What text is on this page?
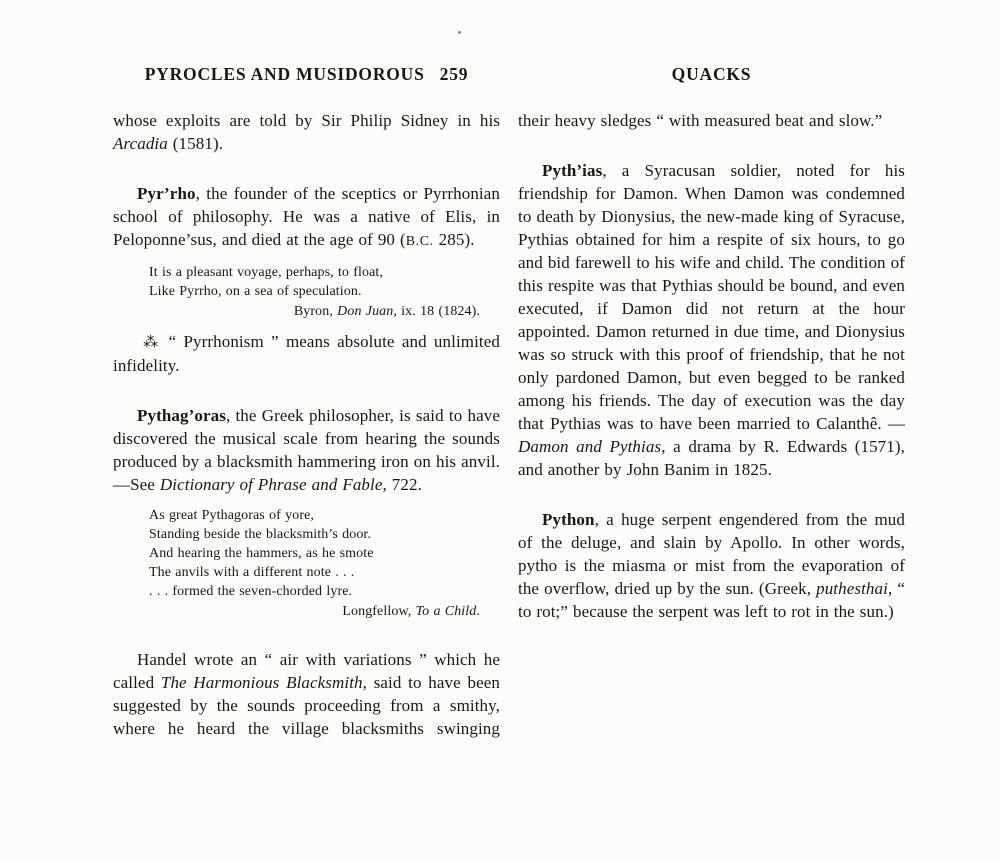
PYROCLES AND MUSIDOROUS 259	QUACKS

whose exploits are told by Sir Philip Sidney in his Arcadia (1581).

Pyr’rho, the founder of the sceptics or Pyrrhonian school of philosophy. He was a native of Elis, in Peloponne’sus, and died at the age of 90 (B.C. 285).

It is a pleasant voyage, perhaps, to float,
Like Pyrrho, on a sea of speculation.
Byron, Don Juan, ix. 18 (1824).

⁂ “ Pyrrhonism ” means absolute and unlimited infidelity.

Pythag’oras, the Greek philosopher, is said to have discovered the musical scale from hearing the sounds produced by a blacksmith hammering iron on his anvil.—See Dictionary of Phrase and Fable, 722.

As great Pythagoras of yore,
Standing beside the blacksmith’s door.
And hearing the hammers, as he smote
The anvils with a different note . . .
. . . formed the seven-chorded lyre.
Longfellow, To a Child.

Handel wrote an “ air with variations ” which he called The Harmonious Blacksmith, said to have been suggested by the sounds proceeding from a smithy, where he heard the village blacksmiths swinging

their heavy sledges “ with measured beat and slow.”

Pyth’ias, a Syracusan soldier, noted for his friendship for Damon. When Damon was condemned to death by Dionysius, the new-made king of Syracuse, Pythias obtained for him a respite of six hours, to go and bid farewell to his wife and child. The condition of this respite was that Pythias should be bound, and even executed, if Damon did not return at the hour appointed. Damon returned in due time, and Dionysius was so struck with this proof of friendship, that he not only pardoned Damon, but even begged to be ranked among his friends. The day of execution was the day that Pythias was to have been married to Calanthê. —Damon and Pythias, a drama by R. Edwards (1571), and another by John Banim in 1825.

Python, a huge serpent engendered from the mud of the deluge, and slain by Apollo. In other words, pytho is the miasma or mist from the evaporation of the overflow, dried up by the sun. (Greek, puthesthai, “ to rot;” because the serpent was left to rot in the sun.)
